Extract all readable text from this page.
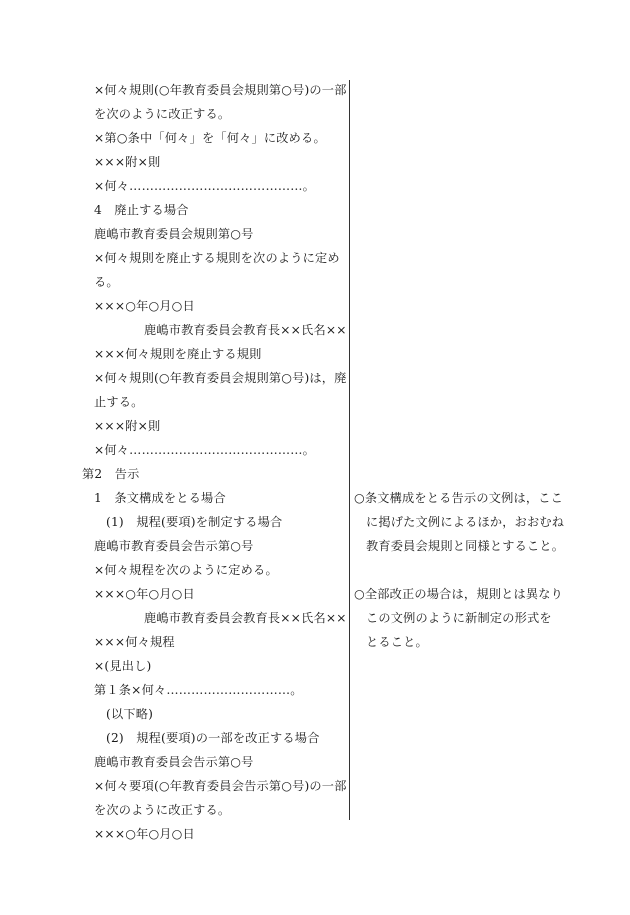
×何々規則(○年教育委員会規則第○号)の一部
を次のように改正する。
×第○条中「何々」を「何々」に改める。
×××附×則
×何々……………………………………。
4　廃止する場合
鹿嶋市教育委員会規則第○号
×何々規則を廃止する規則を次のように定め
る。
×××○年○月○日
鹿嶋市教育委員会教育長××氏名××
×××何々規則を廃止する規則
×何々規則(○年教育委員会規則第○号)は，廃
止する。
×××附×則
×何々……………………………………。
第2　告示
1　条文構成をとる場合
(1)　規程(要項)を制定する場合
鹿嶋市教育委員会告示第○号
×何々規程を次のように定める。
×××○年○月○日
鹿嶋市教育委員会教育長××氏名××
×××何々規程
×(見出し)
第１条×何々…………………………。
(以下略)
(2)　規程(要項)の一部を改正する場合
鹿嶋市教育委員会告示第○号
×何々要項(○年教育委員会告示第○号)の一部
を次のように改正する。
×××○年○月○日
○条文構成をとる告示の文例は，ここ
に掲げた文例によるほか，おおむね
教育委員会規則と同様とすること。
○全部改正の場合は，規則とは異なり
この文例のように新制定の形式を
とること。
